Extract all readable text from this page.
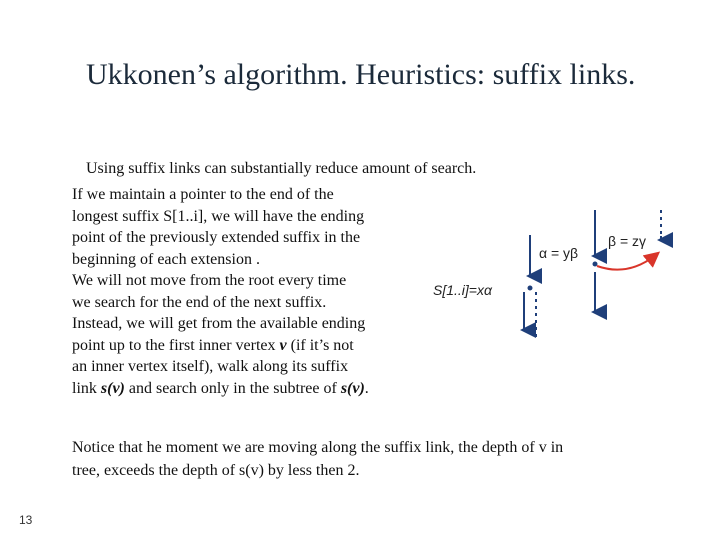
Ukkonen’s algorithm. Heuristics: suffix links.
Using suffix links can substantially reduce amount of search.
If we maintain a pointer to the end of the
longest suffix S[1..i], we will have the ending
point of the previously extended suffix in the
beginning of each extension .
We will not move from the root every time
we search for the end of the next suffix.
Instead, we will get from the available ending
point up to the first inner vertex v (if it’s not
an inner vertex itself), walk along its suffix
link s(v) and search only in the subtree of s(v).
α = yβ
β = zγ
S[1..i]=xα
Notice that he moment we are moving along the suffix link, the depth of v in
tree, exceeds the depth of s(v) by less then 2.
13
